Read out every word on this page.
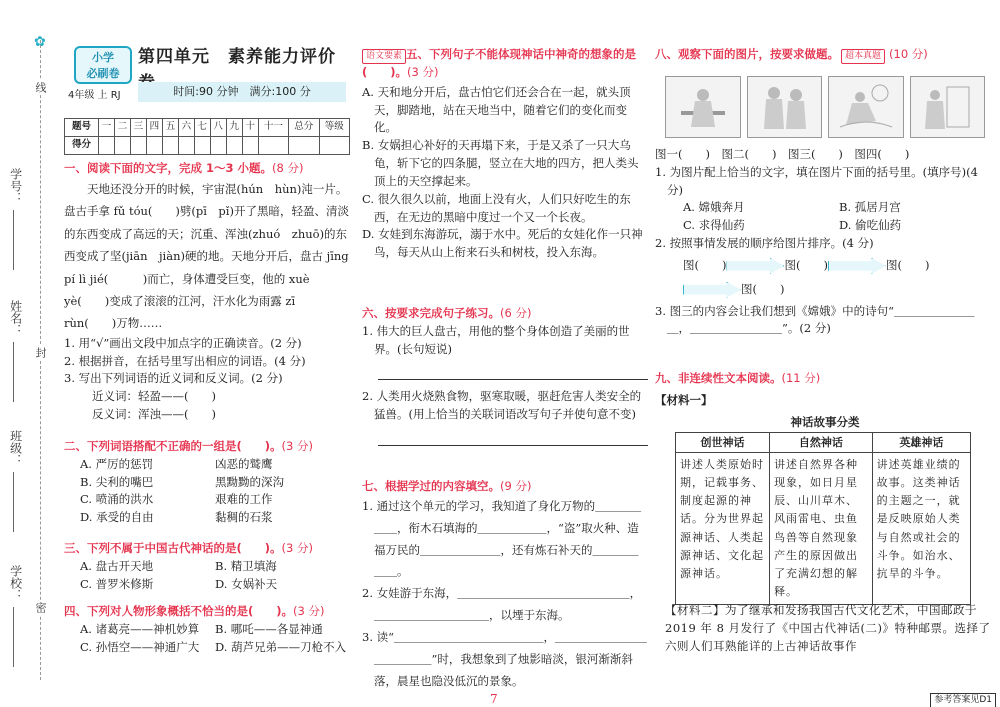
✿
线
封
密
学号：
姓名：
班级：
学校：
小学
必刷卷
4年级 上 RJ
第四单元　素养能力评价
时间:90 分钟　满分:100 分
题号	一	二	三	四	五	六	七	八	九	十	十一	总分	等级
得分													
一、阅读下面的文字，完成 1～3 小题。(8 分)
天地还没分开的时候，宇宙混(hún　hùn)沌一片。盘古手拿 fǔ tóu(　　)劈(pī　pǐ)开了黑暗，轻盈、清淡的东西变成了高远的天；沉重、浑浊(zhuó　zhuō)的东西变成了坚(jiān　jiàn)硬的地。天地分开后，盘古 jīng pí lì jié(　　　)而亡，身体遭受巨变，他的 xuè yè(　　)变成了滚滚的江河，汗水化为雨露 zī rùn(　　)万物……
1. 用“√”画出文段中加点字的正确读音。(2 分)
2. 根据拼音，在括号里写出相应的词语。(4 分)
3. 写出下列词语的近义词和反义词。(2 分)
近义词：轻盈——(　　)
反义词：浑浊——(　　)
二、下列词语搭配不正确的一组是(　　)。(3 分)
A. 严厉的惩罚	凶恶的鹫鹰
B. 尖利的嘴巴	黑黝黝的深沟
C. 喷涌的洪水	艰难的工作
D. 承受的自由	黏稠的石浆
三、下列不属于中国古代神话的是(　　)。(3 分)
A. 盘古开天地	B. 精卫填海
C. 普罗米修斯	D. 女娲补天
四、下列对人物形象概括不恰当的是(　　)。(3 分)
A. 诸葛亮——神机妙算	B. 哪吒——各显神通
C. 孙悟空——神通广大	D. 葫芦兄弟——刀枪不入
语文要素 五、下列句子不能体现神话中神奇的想象的是(　　)。(3 分)
A. 天和地分开后，盘古怕它们还会合在一起，就头顶天，脚踏地，站在天地当中，随着它们的变化而变化。
B. 女娲担心补好的天再塌下来，于是又杀了一只大乌龟，斩下它的四条腿，竖立在大地的四方，把人类头顶上的天空撑起来。
C. 很久很久以前，地面上没有火，人们只好吃生的东西，在无边的黑暗中度过一个又一个长夜。
D. 女娃到东海游玩，溺于水中。死后的女娃化作一只神鸟，每天从山上衔来石头和树枝，投入东海。
六、按要求完成句子练习。(6 分)
1. 伟大的巨人盘古，用他的整个身体创造了美丽的世界。(长句短说)
2. 人类用火烧熟食物，驱寒取暖，驱赶危害人类安全的猛兽。(用上恰当的关联词语改写句子并使句意不变)
七、根据学过的内容填空。(9 分)
1. 通过这个单元的学习，我知道了身化万物的＿＿＿＿＿＿，衔木石填海的＿＿＿＿＿＿，“盗”取火种、造福万民的＿＿＿＿＿＿＿，还有炼石补天的＿＿＿＿＿＿。
2. 女娃游于东海，＿＿＿＿＿＿＿＿＿＿＿＿＿＿＿，＿＿＿＿＿＿＿＿＿＿，以堙于东海。
3. 读“＿＿＿＿＿＿＿＿＿＿＿＿＿，＿＿＿＿＿＿＿＿＿＿＿＿＿”时，我想象到了烛影暗淡，银河渐渐斜落，晨星也隐没低沉的景象。
八、观察下面的图片，按要求做题。 超本真题 (10 分)
图一(　　)　图二(　　)　图三(　　)　图四(　　)
1. 为图片配上恰当的文字，填在图片下面的括号里。(填序号)(4 分)
A. 嫦娥奔月	B. 孤居月宫
C. 求得仙药	D. 偷吃仙药
2. 按照事情发展的顺序给图片排序。(4 分)
图(　　)	图(　　)	图(　　)
图(　　)
3. 图三的内容会让我们想到《嫦娥》中的诗句“＿＿＿＿＿＿＿＿，＿＿＿＿＿＿＿＿”。(2 分)
九、非连续性文本阅读。(11 分)
【材料一】
神话故事分类
创世神话	自然神话	英雄神话
讲述人类原始时期，记载事务、制度起源的神话。分为世界起源神话、人类起源神话、文化起源神话。	讲述自然界各种现象，如日月星辰、山川草木、风雨雷电、虫鱼鸟兽等自然现象产生的原因做出了充满幻想的解释。	讲述英雄业绩的故事。这类神话的主题之一，就是反映原始人类与自然或社会的斗争。如治水、抗旱的斗争。
【材料二】为了继承和发扬我国古代文化艺术，中国邮政于 2019 年 8 月发行了《中国古代神话(二)》特种邮票。选择了六则人们耳熟能详的上古神话故事作
7	参考答案见D1
